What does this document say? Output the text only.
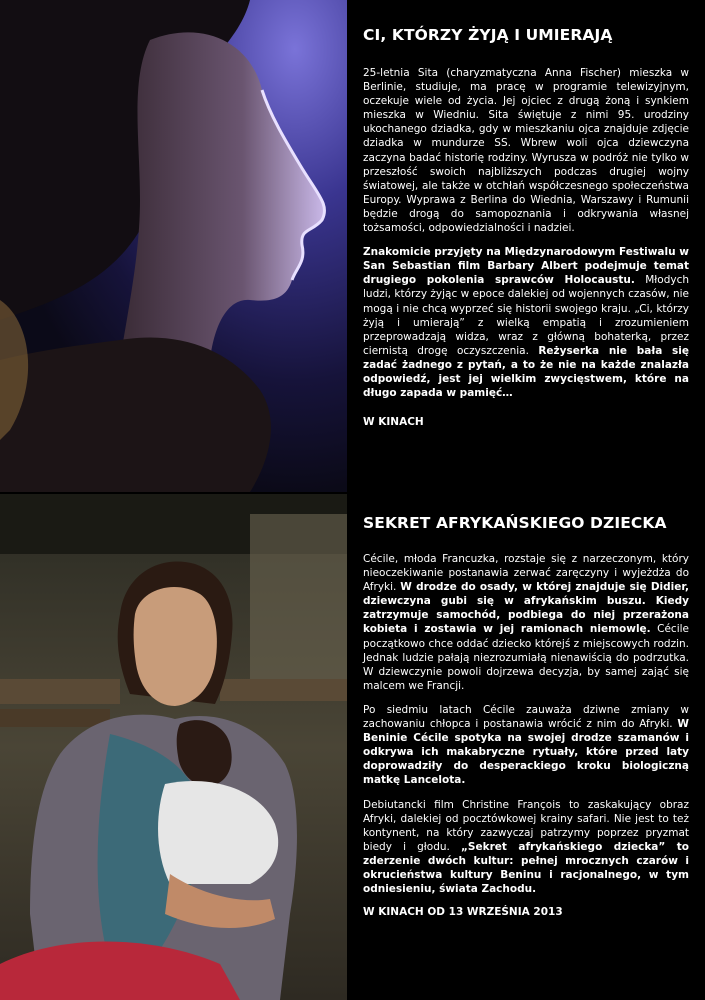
CI, KTÓRZY ŻYJĄ I UMIERAJĄ

25-letnia Sita (charyzmatyczna Anna Fischer) mieszka w Berlinie, studiuje, ma pracę w programie telewizyjnym, oczekuje wiele od życia. Jej ojciec z drugą żoną i synkiem mieszka w Wiedniu. Sita świętuje z nimi 95. urodziny ukochanego dziadka, gdy w mieszkaniu ojca znajduje zdjęcie dziadka w mundurze SS. Wbrew woli ojca dziewczyna zaczyna badać historię rodziny. Wyrusza w podróż nie tylko w przeszłość swoich najbliższych podczas drugiej wojny światowej, ale także w otchłań współczesnego społeczeństwa Europy. Wyprawa z Berlina do Wiednia, Warszawy i Rumunii będzie drogą do samopoznania i odkrywania własnej tożsamości, odpowiedzialności i nadziei.

Znakomicie przyjęty na Międzynarodowym Festiwalu w San Sebastian film Barbary Albert podejmuje temat drugiego pokolenia sprawców Holocaustu. Młodych ludzi, którzy żyjąc w epoce dalekiej od wojennych czasów, nie mogą i nie chcą wyprzeć się historii swojego kraju. „Ci, którzy żyją i umierają” z wielką empatią i zrozumieniem przeprowadzają widza, wraz z główną bohaterką, przez ciernistą drogę oczyszczenia. Reżyserka nie bała się zadać żadnego z pytań, a to że nie na każde znalazła odpowiedź, jest jej wielkim zwycięstwem, które na długo zapada w pamięć…

W KINACH
SEKRET AFRYKAŃSKIEGO DZIECKA

Cécile, młoda Francuzka, rozstaje się z narzeczonym, który nieoczekiwanie postanawia zerwać zaręczyny i wyjeżdża do Afryki. W drodze do osady, w której znajduje się Didier, dziewczyna gubi się w afrykańskim buszu. Kiedy zatrzymuje samochód, podbiega do niej przerażona kobieta i zostawia w jej ramionach niemowlę. Cécile początkowo chce oddać dziecko którejś z miejscowych rodzin. Jednak ludzie pałają niezrozumiałą nienawiścią do podrzutka. W dziewczynie powoli dojrzewa decyzja, by samej zająć się malcem we Francji.

Po siedmiu latach Cécile zauważa dziwne zmiany w zachowaniu chłopca i postanawia wrócić z nim do Afryki. W Beninie Cécile spotyka na swojej drodze szamanów i odkrywa ich makabryczne rytuały, które przed laty doprowadziły do desperackiego kroku biologiczną matkę Lancelota.

Debiutancki film Christine François to zaskakujący obraz Afryki, dalekiej od pocztówkowej krainy safari. Nie jest to też kontynent, na który zazwyczaj patrzymy poprzez pryzmat biedy i głodu. „Sekret afrykańskiego dziecka” to zderzenie dwóch kultur: pełnej mrocznych czarów i okrucieństwa kultury Beninu i racjonalnego, w tym odniesieniu, świata Zachodu.

W KINACH OD 13 WRZEŚNIA 2013
